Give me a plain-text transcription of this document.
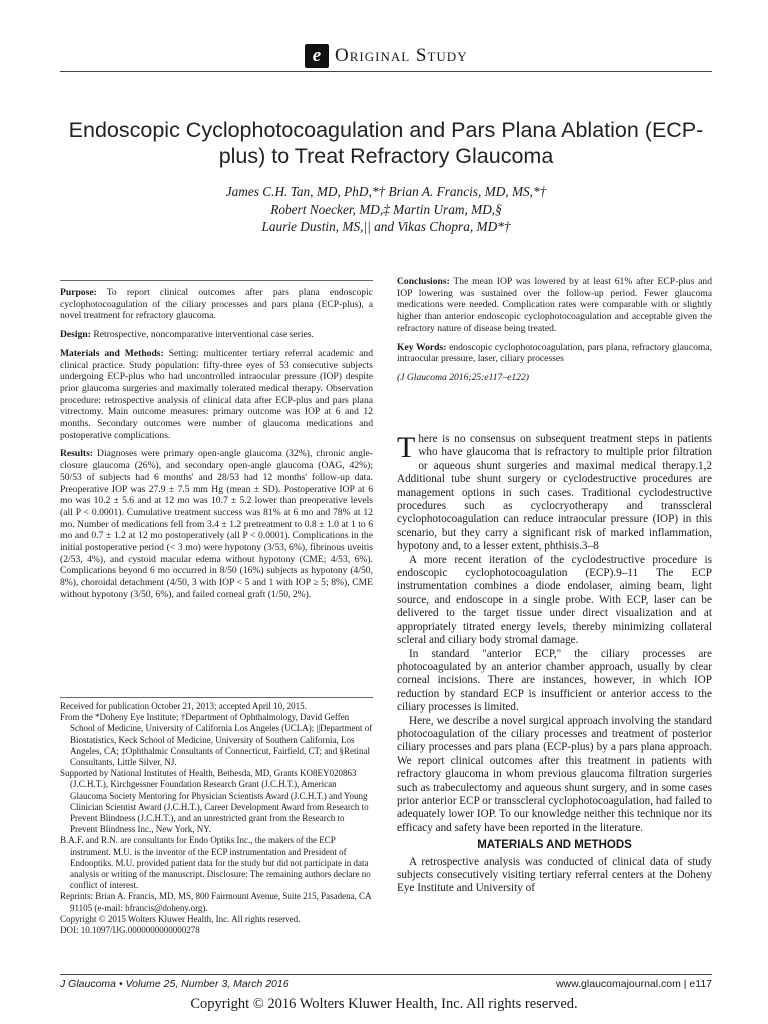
e Original Study
Endoscopic Cyclophotocoagulation and Pars Plana Ablation (ECP-plus) to Treat Refractory Glaucoma
James C.H. Tan, MD, PhD,*† Brian A. Francis, MD, MS,*†
Robert Noecker, MD,‡ Martin Uram, MD,§
Laurie Dustin, MS,|| and Vikas Chopra, MD*†

Purpose: To report clinical outcomes after pars plana endoscopic cyclophotocoagulation of the ciliary processes and pars plana (ECP-plus), a novel treatment for refractory glaucoma.

Design: Retrospective, noncomparative interventional case series.

Materials and Methods: Setting: multicenter tertiary referral academic and clinical practice. Study population: fifty-three eyes of 53 consecutive subjects undergoing ECP-plus who had uncontrolled intraocular pressure (IOP) despite prior glaucoma surgeries and maximally tolerated medical therapy. Observation procedure: retrospective analysis of clinical data after ECP-plus and pars plana vitrectomy. Main outcome measures: primary outcome was IOP at 6 and 12 months. Secondary outcomes were number of glaucoma medications and postoperative complications.

Results: Diagnoses were primary open-angle glaucoma (32%), chronic angle-closure glaucoma (26%), and secondary open-angle glaucoma (OAG, 42%); 50/53 of subjects had 6 months' and 28/53 had 12 months' follow-up data. Preoperative IOP was 27.9 ± 7.5 mm Hg (mean ± SD). Postoperative IOP at 6 mo was 10.2 ± 5.6 and at 12 mo was 10.7 ± 5.2 lower than preoperative levels (all P < 0.0001). Cumulative treatment success was 81% at 6 mo and 78% at 12 mo. Number of medications fell from 3.4 ± 1.2 pretreatment to 0.8 ± 1.0 at 1 to 6 mo and 0.7 ± 1.2 at 12 mo postoperatively (all P < 0.0001). Complications in the initial postoperative period (< 3 mo) were hypotony (3/53, 6%), fibrinous uveitis (2/53, 4%), and cystoid macular edema without hypotony (CME; 4/53, 6%). Complications beyond 6 mo occurred in 8/50 (16%) subjects as hypotony (4/50, 8%), choroidal detachment (4/50, 3 with IOP < 5 and 1 with IOP ≥ 5; 8%), CME without hypotony (3/50, 6%), and failed corneal graft (1/50, 2%).

Conclusions: The mean IOP was lowered by at least 61% after ECP-plus and IOP lowering was sustained over the follow-up period. Fewer glaucoma medications were needed. Complication rates were comparable with or slightly higher than anterior endoscopic cyclophotocoagulation and acceptable given the refractory nature of disease being treated.

Key Words: endoscopic cyclophotocoagulation, pars plana, refractory glaucoma, intraocular pressure, laser, ciliary processes

(J Glaucoma 2016;25:e117–e122)

Received for publication October 21, 2013; accepted April 10, 2015.
From the *Doheny Eye Institute; †Department of Ophthalmology, David Geffen School of Medicine, University of California Los Angeles (UCLA); ||Department of Biostatistics, Keck School of Medicine, University of Southern California, Los Angeles, CA; ‡Ophthalmic Consultants of Connecticut, Fairfield, CT; and §Retinal Consultants, Little Silver, NJ.
Supported by National Institutes of Health, Bethesda, MD, Grants KO8EY020863 (J.C.H.T.), Kirchgessner Foundation Research Grant (J.C.H.T.), American Glaucoma Society Mentoring for Physician Scientists Award (J.C.H.T.) and Young Clinician Scientist Award (J.C.H.T.), Career Development Award from Research to Prevent Blindness (J.C.H.T.), and an unrestricted grant from the Research to Prevent Blindness Inc., New York, NY.
B.A.F. and R.N. are consultants for Endo Optiks Inc., the makers of the ECP instrument. M.U. is the inventor of the ECP instrumentation and President of Endooptiks. M.U. provided patient data for the study but did not participate in data analysis or writing of the manuscript. Disclosure: The remaining authors declare no conflict of interest.
Reprints: Brian A. Francis, MD, MS, 800 Fairmount Avenue, Suite 215, Pasadena, CA 91105 (e-mail: bfrancis@doheny.org).
Copyright © 2015 Wolters Kluwer Health, Inc. All rights reserved.
DOI: 10.1097/IJG.0000000000000278

There is no consensus on subsequent treatment steps in patients who have glaucoma that is refractory to multiple prior filtration or aqueous shunt surgeries and maximal medical therapy.1,2 Additional tube shunt surgery or cyclodestructive procedures are management options in such cases. Traditional cyclodestructive procedures such as cyclocryotherapy and transscleral cyclophotocoagulation can reduce intraocular pressure (IOP) in this scenario, but they carry a significant risk of marked inflammation, hypotony and, to a lesser extent, phthisis.3–8

A more recent iteration of the cyclodestructive procedure is endoscopic cyclophotocoagulation (ECP).9–11 The ECP instrumentation combines a diode endolaser, aiming beam, light source, and endoscope in a single probe. With ECP, laser can be delivered to the target tissue under direct visualization and at appropriately titrated energy levels, thereby minimizing collateral scleral and ciliary body stromal damage.

In standard "anterior ECP," the ciliary processes are photocoagulated by an anterior chamber approach, usually by clear corneal incisions. There are instances, however, in which IOP reduction by standard ECP is insufficient or anterior access to the ciliary processes is limited.

Here, we describe a novel surgical approach involving the standard photocoagulation of the ciliary processes and treatment of posterior ciliary processes and pars plana (ECP-plus) by a pars plana approach. We report clinical outcomes after this treatment in patients with refractory glaucoma in whom previous glaucoma filtration surgeries such as trabeculectomy and aqueous shunt surgery, and in some cases prior anterior ECP or transscleral cyclophotocoagulation, had failed to adequately lower IOP. To our knowledge neither this technique nor its efficacy and safety have been reported in the literature.

MATERIALS AND METHODS

A retrospective analysis was conducted of clinical data of study subjects consecutively visiting tertiary referral centers at the Doheny Eye Institute and University of

J Glaucoma • Volume 25, Number 3, March 2016	www.glaucomajournal.com | e117
Copyright © 2016 Wolters Kluwer Health, Inc. All rights reserved.
